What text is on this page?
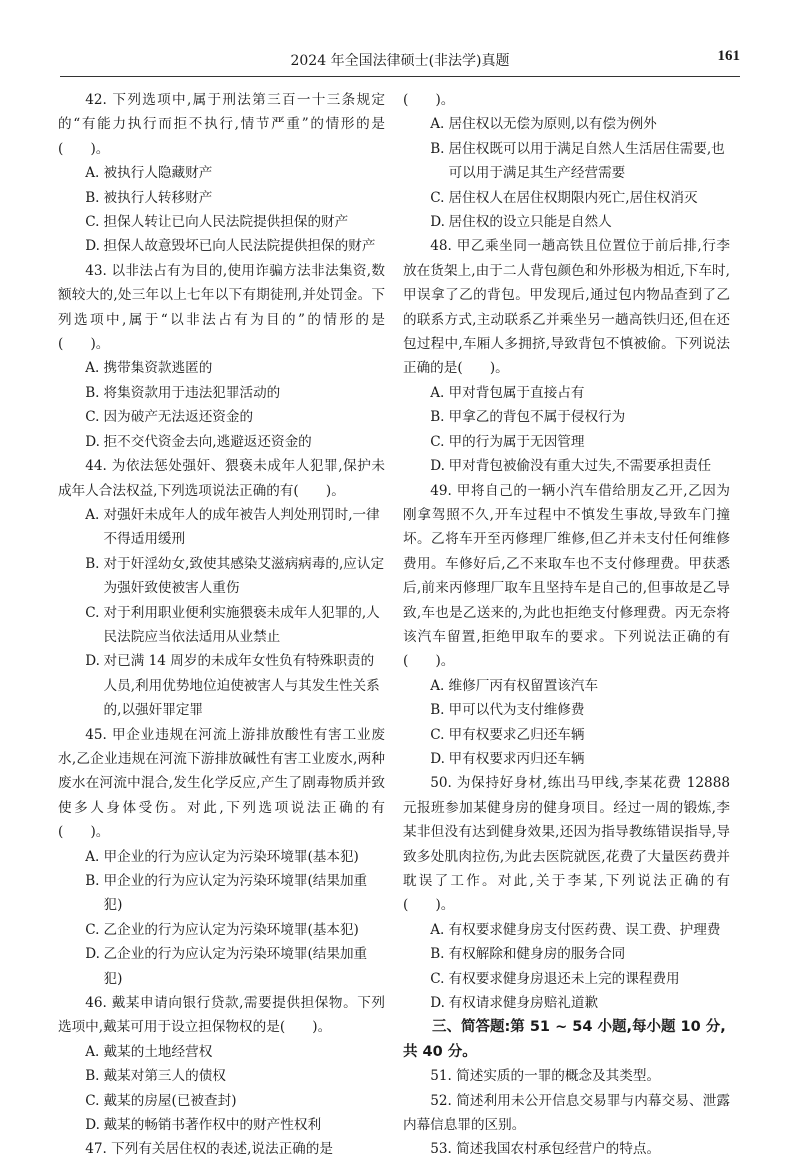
2024 年全国法律硕士(非法学)真题	161

42. 下列选项中,属于刑法第三百一十三条规定的“有能力执行而拒不执行,情节严重”的情形的是(　　)。

A. 被执行人隐藏财产
B. 被执行人转移财产
C. 担保人转让已向人民法院提供担保的财产
D. 担保人故意毁坏已向人民法院提供担保的财产

43. 以非法占有为目的,使用诈骗方法非法集资,数额较大的,处三年以上七年以下有期徒刑,并处罚金。下列选项中,属于“以非法占有为目的”的情形的是(　　)。

A. 携带集资款逃匿的
B. 将集资款用于违法犯罪活动的
C. 因为破产无法返还资金的
D. 拒不交代资金去向,逃避返还资金的

44. 为依法惩处强奸、猥亵未成年人犯罪,保护未成年人合法权益,下列选项说法正确的有(　　)。

A. 对强奸未成年人的成年被告人判处刑罚时,一律不得适用缓刑
B. 对于奸淫幼女,致使其感染艾滋病病毒的,应认定为强奸致使被害人重伤
C. 对于利用职业便利实施猥亵未成年人犯罪的,人民法院应当依法适用从业禁止
D. 对已满 14 周岁的未成年女性负有特殊职责的人员,利用优势地位迫使被害人与其发生性关系的,以强奸罪定罪

45. 甲企业违规在河流上游排放酸性有害工业废水,乙企业违规在河流下游排放碱性有害工业废水,两种废水在河流中混合,发生化学反应,产生了剧毒物质并致使多人身体受伤。对此,下列选项说法正确的有(　　)。

A. 甲企业的行为应认定为污染环境罪(基本犯)
B. 甲企业的行为应认定为污染环境罪(结果加重犯)
C. 乙企业的行为应认定为污染环境罪(基本犯)
D. 乙企业的行为应认定为污染环境罪(结果加重犯)

46. 戴某申请向银行贷款,需要提供担保物。下列选项中,戴某可用于设立担保物权的是(　　)。

A. 戴某的土地经营权
B. 戴某对第三人的债权
C. 戴某的房屋(已被查封)
D. 戴某的畅销书著作权中的财产性权利

47. 下列有关居住权的表述,说法正确的是

(　　)。

A. 居住权以无偿为原则,以有偿为例外
B. 居住权既可以用于满足自然人生活居住需要,也可以用于满足其生产经营需要
C. 居住权人在居住权期限内死亡,居住权消灭
D. 居住权的设立只能是自然人

48. 甲乙乘坐同一趟高铁且位置位于前后排,行李放在货架上,由于二人背包颜色和外形极为相近,下车时,甲误拿了乙的背包。甲发现后,通过包内物品查到了乙的联系方式,主动联系乙并乘坐另一趟高铁归还,但在还包过程中,车厢人多拥挤,导致背包不慎被偷。下列说法正确的是(　　)。

A. 甲对背包属于直接占有
B. 甲拿乙的背包不属于侵权行为
C. 甲的行为属于无因管理
D. 甲对背包被偷没有重大过失,不需要承担责任

49. 甲将自己的一辆小汽车借给朋友乙开,乙因为刚拿驾照不久,开车过程中不慎发生事故,导致车门撞坏。乙将车开至丙修理厂维修,但乙并未支付任何维修费用。车修好后,乙不来取车也不支付修理费。甲获悉后,前来丙修理厂取车且坚持车是自己的,但事故是乙导致,车也是乙送来的,为此也拒绝支付修理费。丙无奈将该汽车留置,拒绝甲取车的要求。下列说法正确的有(　　)。

A. 维修厂丙有权留置该汽车
B. 甲可以代为支付维修费
C. 甲有权要求乙归还车辆
D. 甲有权要求丙归还车辆

50. 为保持好身材,练出马甲线,李某花费 12888 元报班参加某健身房的健身项目。经过一周的锻炼,李某非但没有达到健身效果,还因为指导教练错误指导,导致多处肌肉拉伤,为此去医院就医,花费了大量医药费并耽误了工作。对此,关于李某,下列说法正确的有(　　)。

A. 有权要求健身房支付医药费、误工费、护理费
B. 有权解除和健身房的服务合同
C. 有权要求健身房退还未上完的课程费用
D. 有权请求健身房赔礼道歉

三、简答题:第 51 ~ 54 小题,每小题 10 分,共 40 分。

51. 简述实质的一罪的概念及其类型。

52. 简述利用未公开信息交易罪与内幕交易、泄露内幕信息罪的区别。

53. 简述我国农村承包经营户的特点。
